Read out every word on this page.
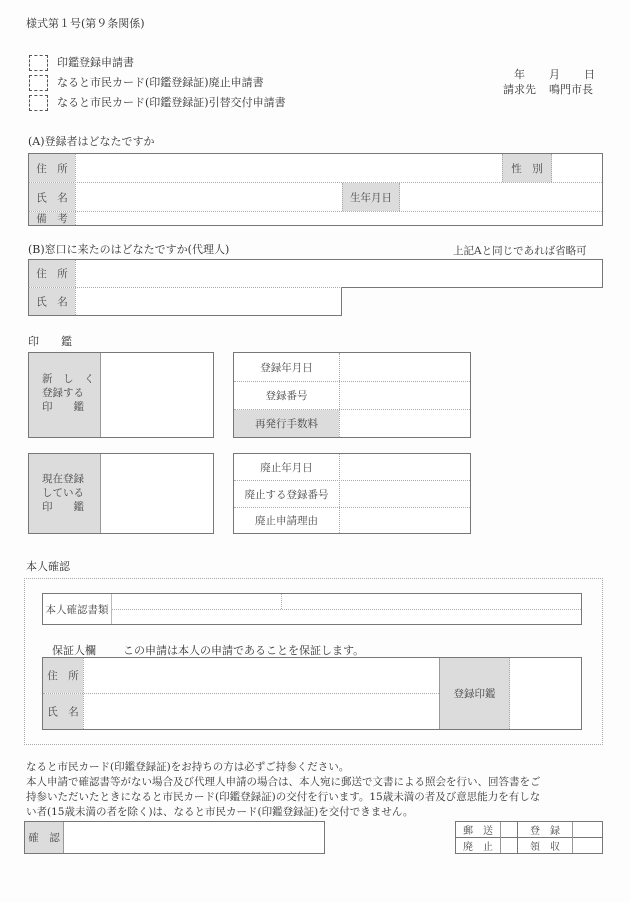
様式第１号(第９条関係)
印鑑登録申請書
なると市民カード(印鑑登録証)廃止申請書
なると市民カード(印鑑登録証)引替交付申請書
年 月 日
請求先 鳴門市長
(A)登録者はどなたですか
住　所	性　別
氏　名	生年月日
備　考
(B)窓口に来たのはどなたですか(代理人)	上記Aと同じであれば省略可
住　所
氏　名
印　　鑑
新　し　く
登録する
印　　鑑
登録年月日
登録番号
再発行手数料
現在登録
している
印　　鑑
廃止年月日
廃止する登録番号
廃止申請理由
本人確認
本人確認書類
保証人欄 この申請は本人の申請であることを保証します。
住　所
氏　名
登録印鑑
なると市民カード(印鑑登録証)をお持ちの方は必ずご持参ください。
本人申請で確認書等がない場合及び代理人申請の場合は、本人宛に郵送で文書による照会を行い、回答書をご
持参いただいたときになると市民カード(印鑑登録証)の交付を行います。15歳未満の者及び意思能力を有しな
い者(15歳未満の者を除く)は、なると市民カード(印鑑登録証)を交付できません。
確　認
郵　送	登　録
廃　止	領　収
